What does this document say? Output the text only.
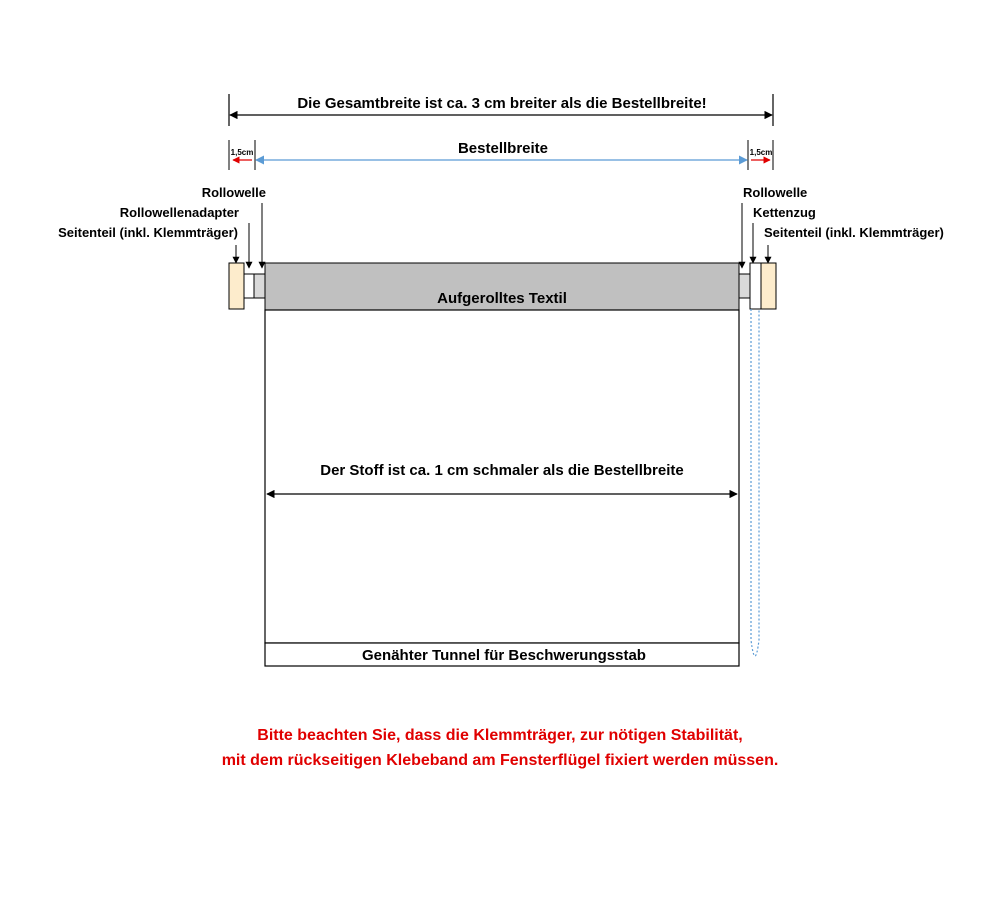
Die Gesamtbreite ist ca. 3 cm breiter als die Bestellbreite!
Bestellbreite
1,5cm	1,5cm
Rollowelle
Rollowellenadapter
Seitenteil (inkl. Klemmträger)
Rollowelle
Kettenzug
Seitenteil (inkl. Klemmträger)
Aufgerolltes Textil
Der Stoff ist ca. 1 cm schmaler als die Bestellbreite
Genähter Tunnel für Beschwerungsstab
Bitte beachten Sie, dass die Klemmträger, zur nötigen Stabilität,
mit dem rückseitigen Klebeband am Fensterflügel fixiert werden müssen.
